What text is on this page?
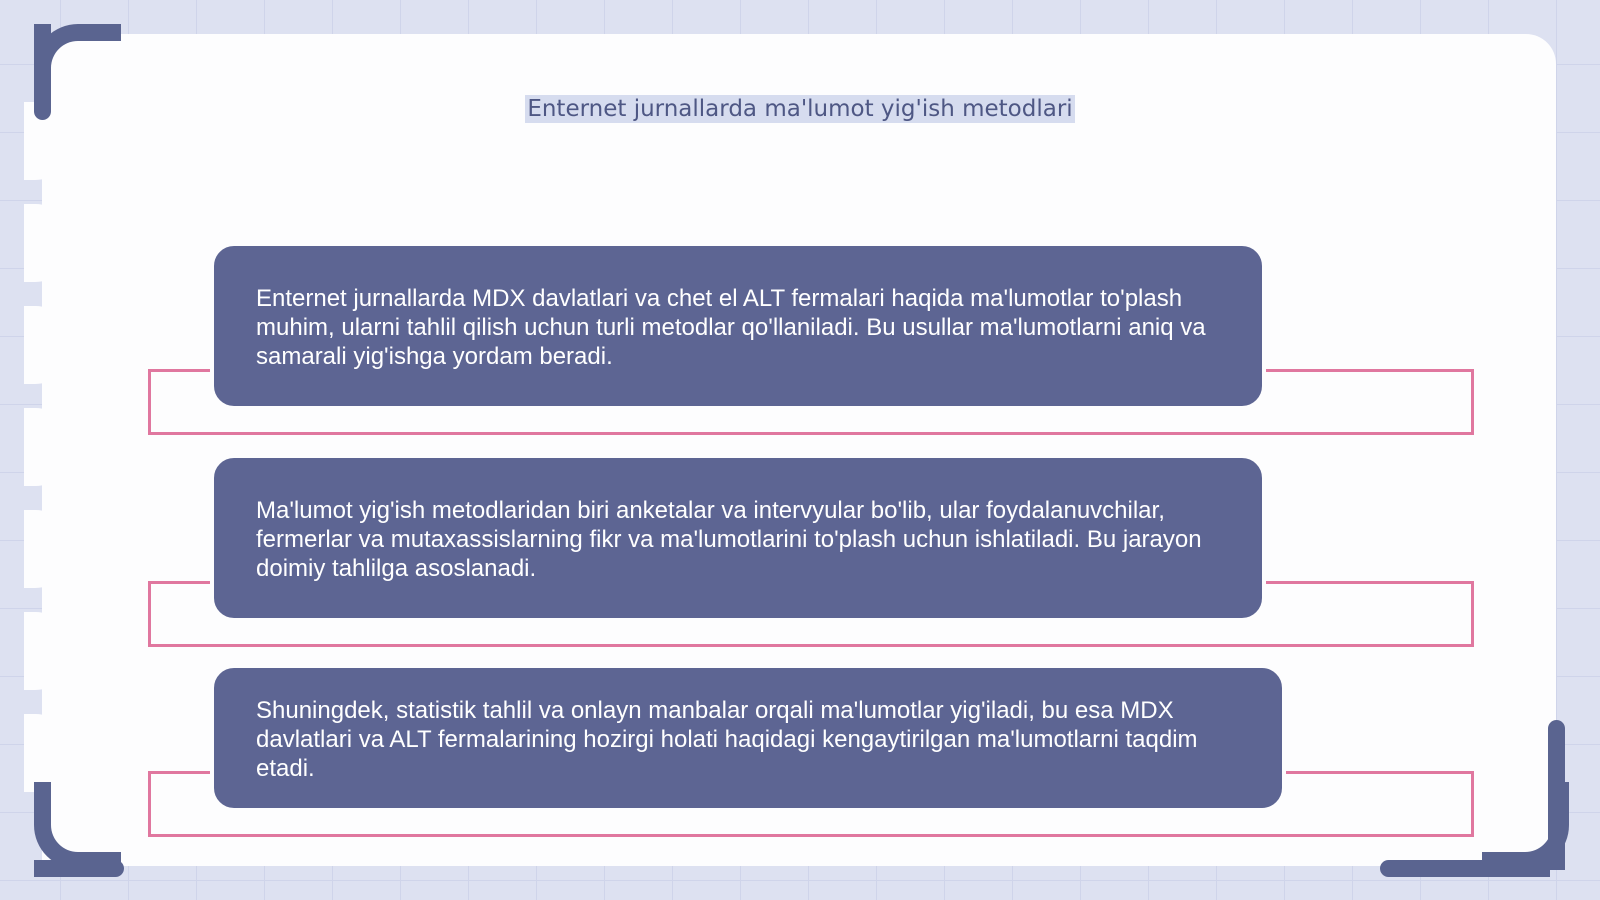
Enternet jurnallarda ma'lumot yig'ish metodlari
Enternet jurnallarda MDX davlatlari va chet el ALT fermalari haqida ma'lumotlar to'plash muhim, ularni tahlil qilish uchun turli metodlar qo'llaniladi. Bu usullar ma'lumotlarni aniq va samarali yig'ishga yordam beradi.
Ma'lumot yig'ish metodlaridan biri anketalar va intervyular bo'lib, ular foydalanuvchilar, fermerlar va mutaxassislarning fikr va ma'lumotlarini to'plash uchun ishlatiladi. Bu jarayon doimiy tahlilga asoslanadi.
Shuningdek, statistik tahlil va onlayn manbalar orqali ma'lumotlar yig'iladi, bu esa MDX davlatlari va ALT fermalarining hozirgi holati haqidagi kengaytirilgan ma'lumotlarni taqdim etadi.
